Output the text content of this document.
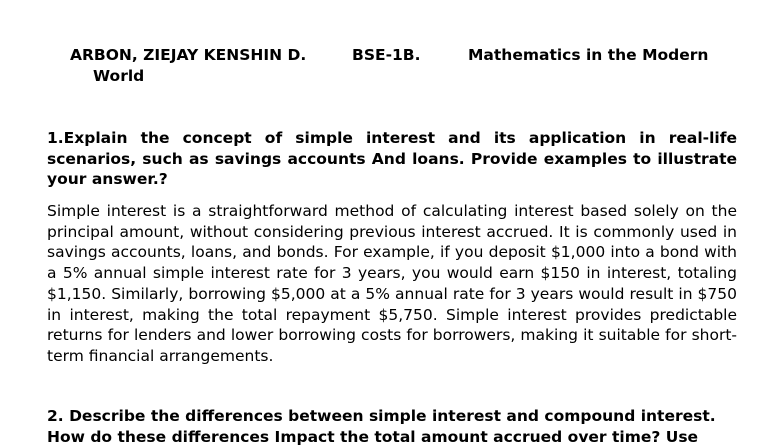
ARBON, ZIEJAY KENSHIN D.	BSE-1B.	Mathematics in the Modern
World
1.Explain the concept of simple interest and its application in real-life
scenarios, such as savings accounts And loans. Provide examples to illustrate
your answer.?
Simple interest is a straightforward method of calculating interest based solely on the
principal amount, without considering previous interest accrued. It is commonly used in
savings accounts, loans, and bonds. For example, if you deposit $1,000 into a bond with
a 5% annual simple interest rate for 3 years, you would earn $150 in interest, totaling
$1,150. Similarly, borrowing $5,000 at a 5% annual rate for 3 years would result in $750
in interest, making the total repayment $5,750. Simple interest provides predictable
returns for lenders and lower borrowing costs for borrowers, making it suitable for short-
term financial arrangements.
2. Describe the differences between simple interest and compound interest.
How do these differences Impact the total amount accrued over time? Use
